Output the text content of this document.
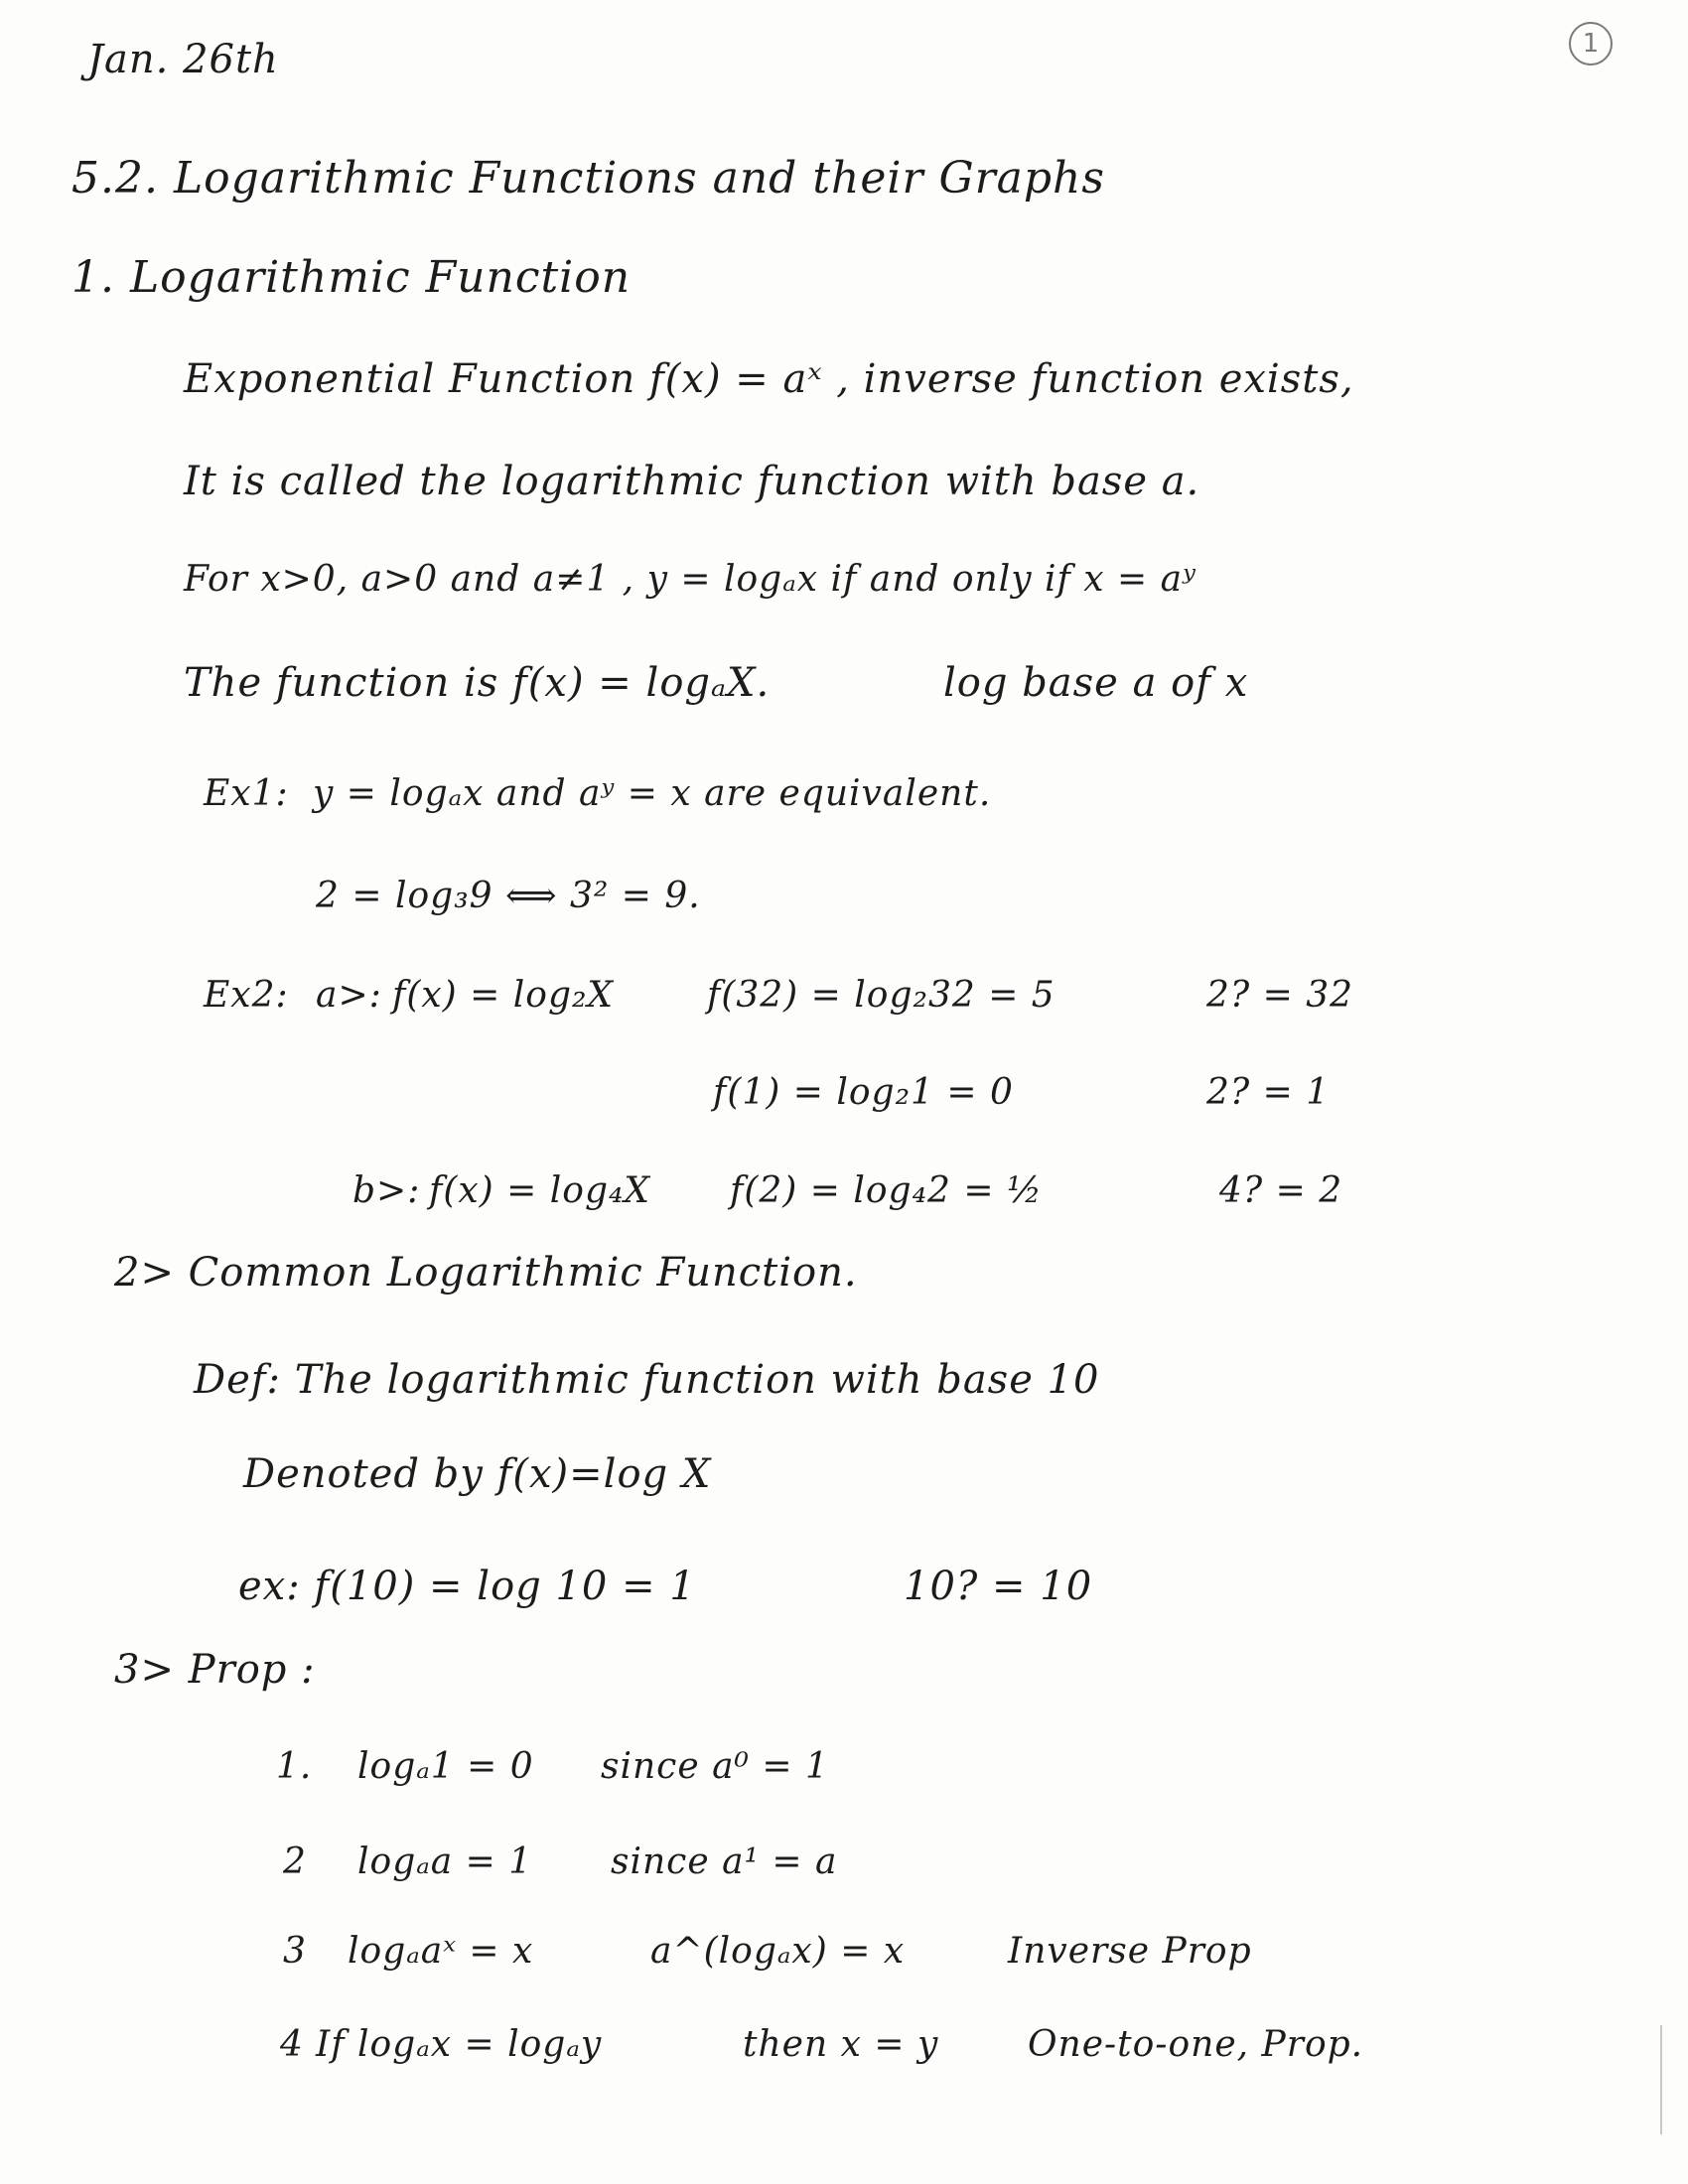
1
Jan. 26th
5.2. Logarithmic Functions and their Graphs
1. Logarithmic Function
Exponential Function f(x) = aˣ , inverse function exists,
It is called the logarithmic function with base a.
For x>0, a>0 and a≠1 , y = logₐx if and only if x = aʸ
The function is f(x) = logₐX.	log base a of x
Ex1: y = logₐx and aʸ = x are equivalent.
2 = log₃9 ⟺ 3² = 9.
Ex2: a>: f(x) = log₂X	f(32) = log₂32 = 5	2? = 32
f(1) = log₂1 = 0	2? = 1
b>: f(x) = log₄X f(2) = log₄2 = ½	4? = 2
2> Common Logarithmic Function.
Def: The logarithmic function with base 10
Denoted by f(x)=log X
ex: f(10) = log 10 = 1	10? = 10
3> Prop :
1. logₐ1 = 0 since a⁰ = 1
2 logₐa = 1 since a¹ = a
3 logₐaˣ = x	a^(logₐx) = x	Inverse Prop
4 If logₐx = logₐy	then x = y One-to-one, Prop.
